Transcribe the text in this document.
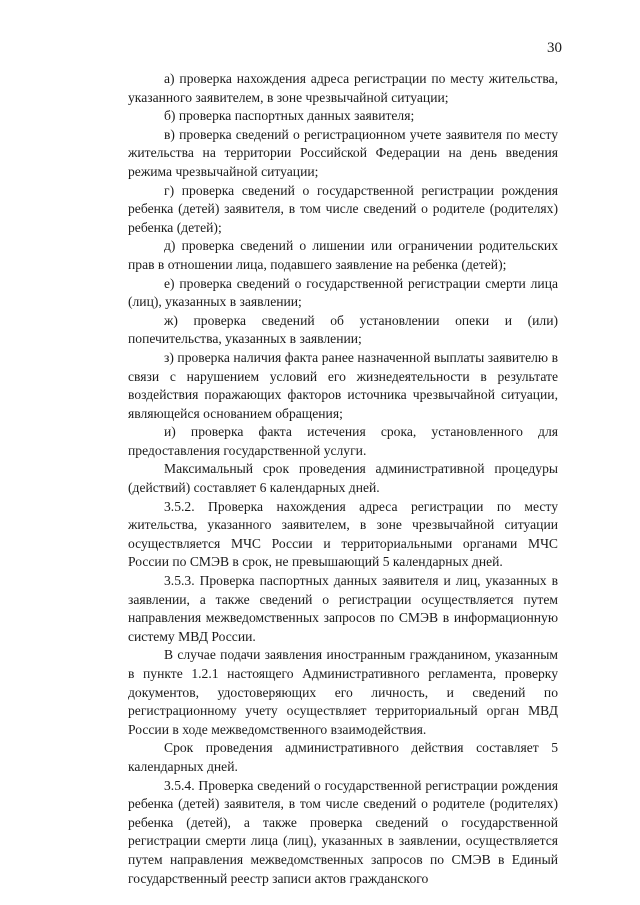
30

а) проверка нахождения адреса регистрации по месту жительства, указанного заявителем, в зоне чрезвычайной ситуации;

б) проверка паспортных данных заявителя;

в) проверка сведений о регистрационном учете заявителя по месту жительства на территории Российской Федерации на день введения режима чрезвычайной ситуации;

г) проверка сведений о государственной регистрации рождения ребенка (детей) заявителя, в том числе сведений о родителе (родителях) ребенка (детей);

д) проверка сведений о лишении или ограничении родительских прав в отношении лица, подавшего заявление на ребенка (детей);

е) проверка сведений о государственной регистрации смерти лица (лиц), указанных в заявлении;

ж) проверка сведений об установлении опеки и (или) попечительства, указанных в заявлении;

з) проверка наличия факта ранее назначенной выплаты заявителю в связи с нарушением условий его жизнедеятельности в результате воздействия поражающих факторов источника чрезвычайной ситуации, являющейся основанием обращения;

и) проверка факта истечения срока, установленного для предоставления государственной услуги.

Максимальный срок проведения административной процедуры (действий) составляет 6 календарных дней.

3.5.2. Проверка нахождения адреса регистрации по месту жительства, указанного заявителем, в зоне чрезвычайной ситуации осуществляется МЧС России и территориальными органами МЧС России по СМЭВ в срок, не превышающий 5 календарных дней.

3.5.3. Проверка паспортных данных заявителя и лиц, указанных в заявлении, а также сведений о регистрации осуществляется путем направления межведомственных запросов по СМЭВ в информационную систему МВД России.

В случае подачи заявления иностранным гражданином, указанным в пункте 1.2.1 настоящего Административного регламента, проверку документов, удостоверяющих его личность, и сведений по регистрационному учету осуществляет территориальный орган МВД России в ходе межведомственного взаимодействия.

Срок проведения административного действия составляет 5 календарных дней.

3.5.4. Проверка сведений о государственной регистрации рождения ребенка (детей) заявителя, в том числе сведений о родителе (родителях) ребенка (детей), а также проверка сведений о государственной регистрации смерти лица (лиц), указанных в заявлении, осуществляется путем направления межведомственных запросов по СМЭВ в Единый государственный реестр записи актов гражданского
